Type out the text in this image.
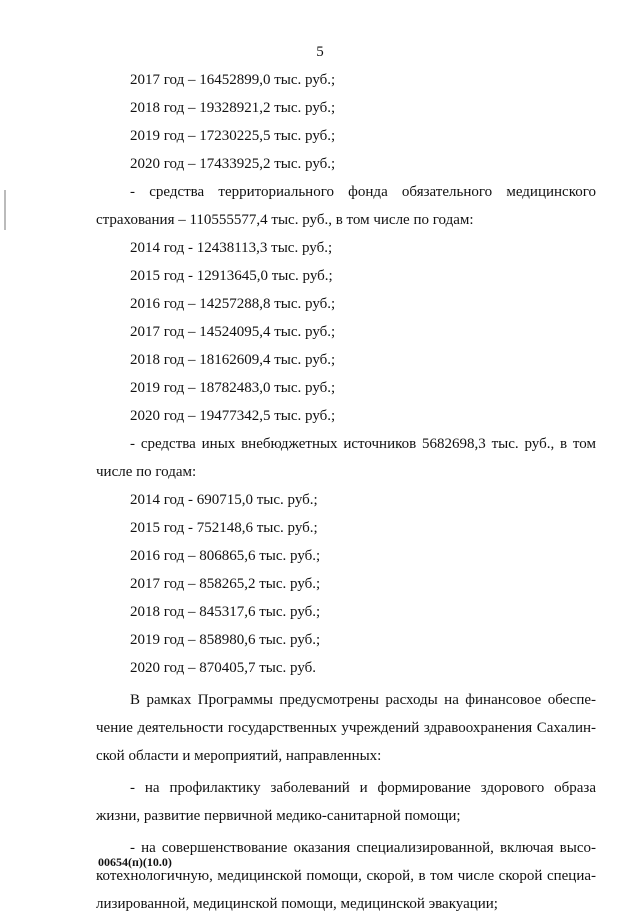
5

2017 год – 16452899,0 тыс. руб.;

2018 год – 19328921,2 тыс. руб.;

2019 год – 17230225,5 тыс. руб.;

2020 год – 17433925,2 тыс. руб.;

- средства территориального фонда обязательного медицинского

страхования – 110555577,4 тыс. руб., в том числе по годам:

2014 год - 12438113,3 тыс. руб.;

2015 год - 12913645,0 тыс. руб.;

2016 год – 14257288,8 тыс. руб.;

2017 год – 14524095,4 тыс. руб.;

2018 год – 18162609,4 тыс. руб.;

2019 год – 18782483,0 тыс. руб.;

2020 год – 19477342,5 тыс. руб.;

- средства иных внебюджетных источников 5682698,3 тыс. руб., в том

числе по годам:

2014 год - 690715,0 тыс. руб.;

2015 год - 752148,6 тыс. руб.;

2016 год – 806865,6 тыс. руб.;

2017 год – 858265,2 тыс. руб.;

2018 год – 845317,6 тыс. руб.;

2019 год – 858980,6 тыс. руб.;

2020 год – 870405,7 тыс. руб.

В рамках Программы предусмотрены расходы на финансовое обеспе-

чение деятельности государственных учреждений здравоохранения Сахалин-

ской области и мероприятий, направленных:

- на профилактику заболеваний и формирование здорового образа

жизни, развитие первичной медико-санитарной помощи;

- на совершенствование оказания специализированной, включая высо-

котехнологичную, медицинской помощи, скорой, в том числе скорой специа-

лизированной, медицинской помощи, медицинской эвакуации;

00654(п)(10.0)
